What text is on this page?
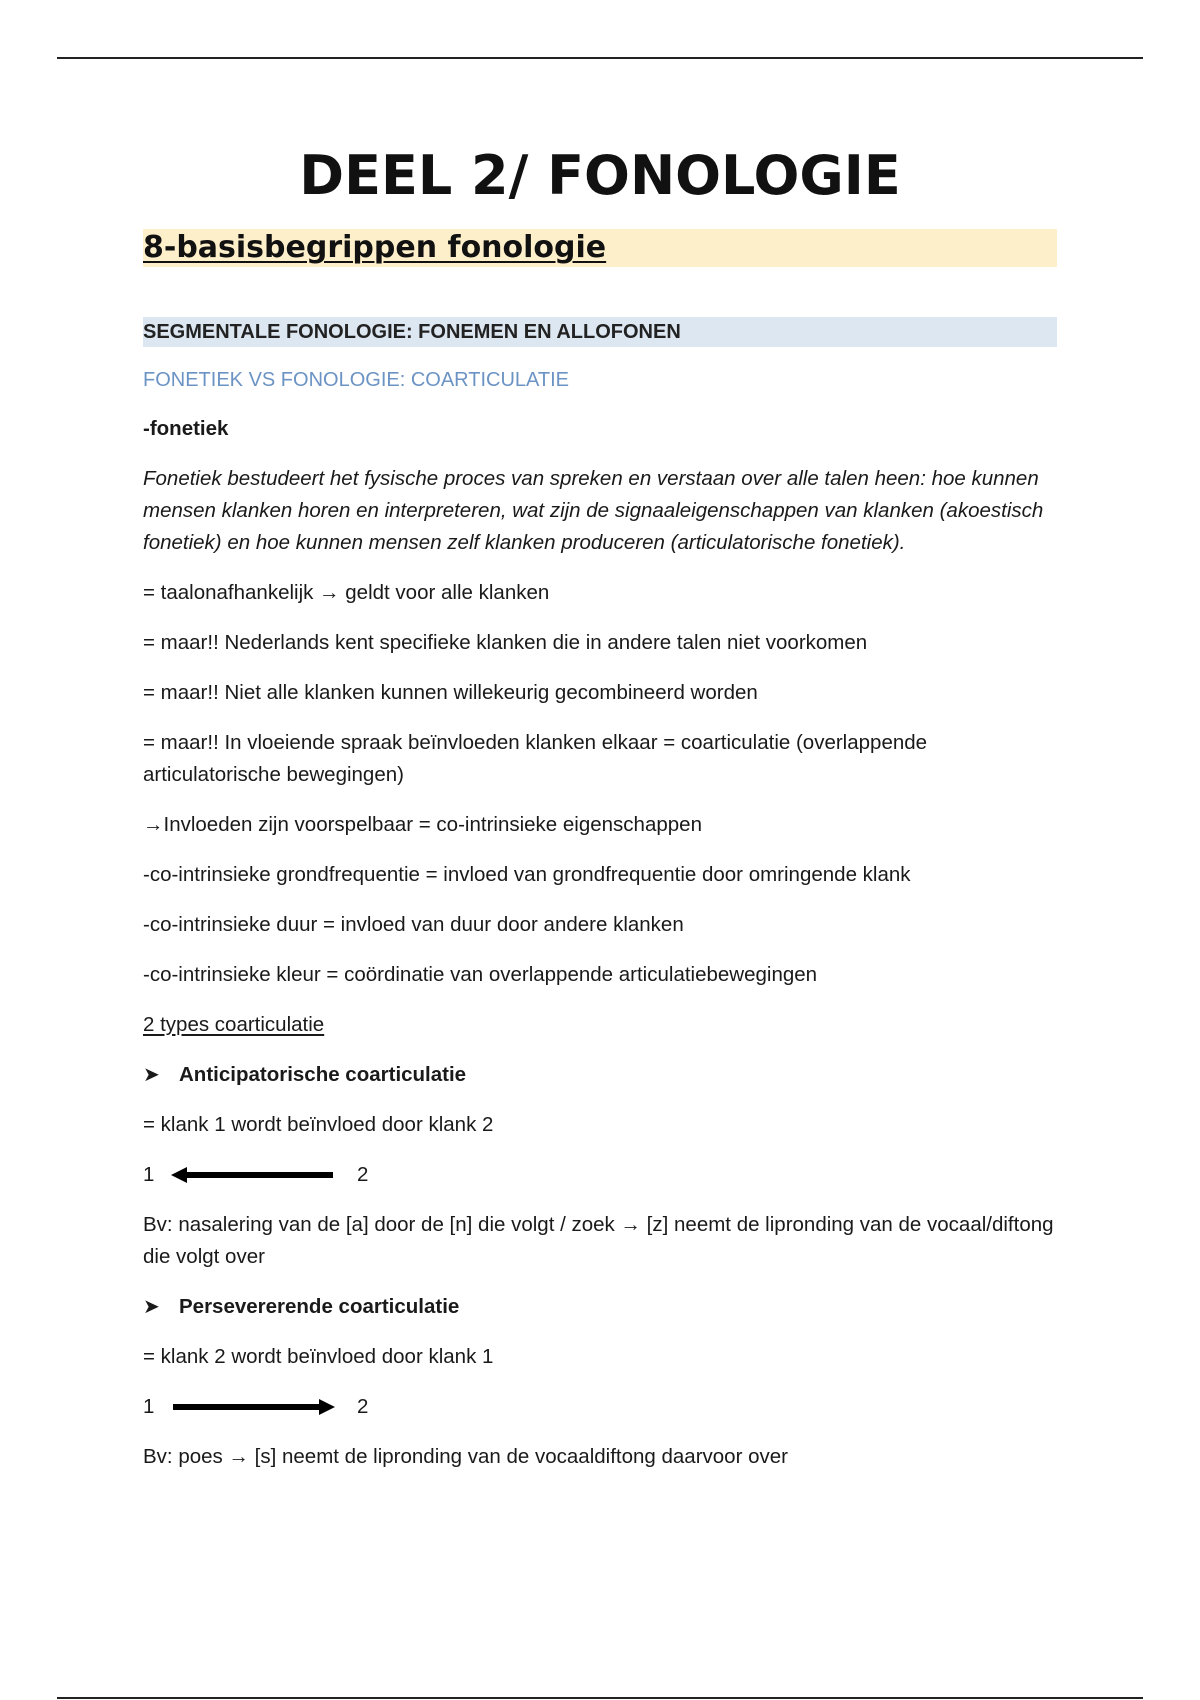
DEEL 2/ FONOLOGIE
8-basisbegrippen fonologie
SEGMENTALE FONOLOGIE: FONEMEN EN ALLOFONEN
FONETIEK VS FONOLOGIE: COARTICULATIE

-fonetiek

Fonetiek bestudeert het fysische proces van spreken en verstaan over alle talen heen: hoe kunnen mensen klanken horen en interpreteren, wat zijn de signaaleigenschappen van klanken (akoestisch fonetiek) en hoe kunnen mensen zelf klanken produceren (articulatorische fonetiek).

= taalonafhankelijk → geldt voor alle klanken

= maar!! Nederlands kent specifieke klanken die in andere talen niet voorkomen

= maar!! Niet alle klanken kunnen willekeurig gecombineerd worden

= maar!! In vloeiende spraak beïnvloeden klanken elkaar = coarticulatie (overlappende articulatorische bewegingen)

→Invloeden zijn voorspelbaar = co-intrinsieke eigenschappen

-co-intrinsieke grondfrequentie = invloed van grondfrequentie door omringende klank

-co-intrinsieke duur = invloed van duur door andere klanken

-co-intrinsieke kleur = coördinatie van overlappende articulatiebewegingen

2 types coarticulatie

➤ Anticipatorische coarticulatie

= klank 1 wordt beïnvloed door klank 2

1	2

Bv: nasalering van de [a] door de [n] die volgt / zoek → [z] neemt de lipronding van de vocaal/diftong die volgt over

➤ Persevererende coarticulatie

= klank 2 wordt beïnvloed door klank 1

1	2

Bv: poes → [s] neemt de lipronding van de vocaaldiftong daarvoor over
